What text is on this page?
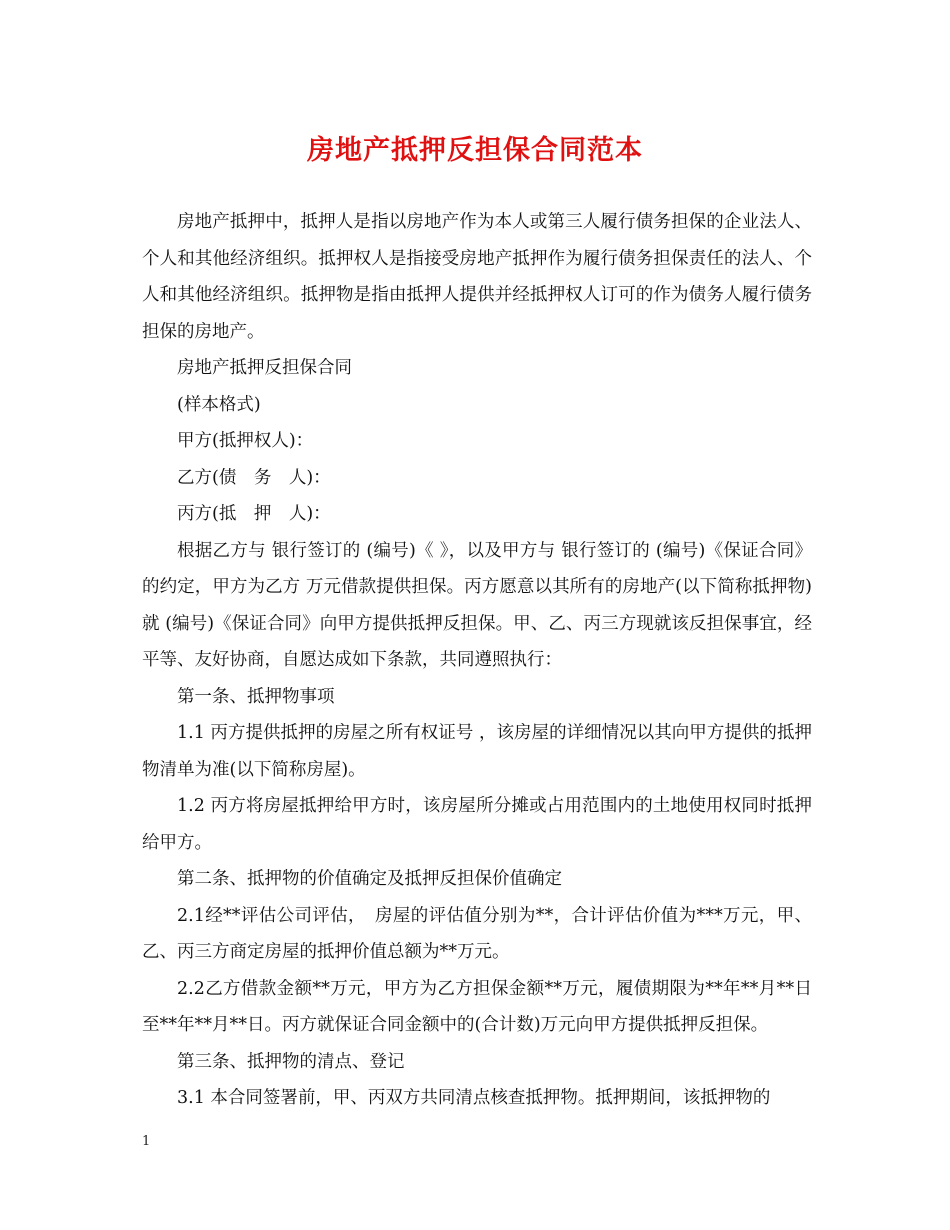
房地产抵押反担保合同范本

房地产抵押中，抵押人是指以房地产作为本人或第三人履行债务担保的企业法人、个人和其他经济组织。抵押权人是指接受房地产抵押作为履行债务担保责任的法人、个人和其他经济组织。抵押物是指由抵押人提供并经抵押权人订可的作为债务人履行债务担保的房地产。

房地产抵押反担保合同

(样本格式)

甲方(抵押权人)：

乙方(债　务　人)：

丙方(抵　押　人)：

根据乙方与 银行签订的 (编号)《 》，以及甲方与 银行签订的 (编号)《保证合同》的约定，甲方为乙方 万元借款提供担保。丙方愿意以其所有的房地产(以下简称抵押物)就 (编号)《保证合同》向甲方提供抵押反担保。甲、乙、丙三方现就该反担保事宜，经平等、友好协商，自愿达成如下条款，共同遵照执行：

第一条、抵押物事项

1.1 丙方提供抵押的房屋之所有权证号 ，该房屋的详细情况以其向甲方提供的抵押物清单为准(以下简称房屋)。

1.2 丙方将房屋抵押给甲方时，该房屋所分摊或占用范围内的土地使用权同时抵押给甲方。

第二条、抵押物的价值确定及抵押反担保价值确定

2.1经**评估公司评估，　房屋的评估值分别为**，合计评估价值为***万元，甲、乙、丙三方商定房屋的抵押价值总额为**万元。

2.2乙方借款金额**万元，甲方为乙方担保金额**万元，履债期限为**年**月**日至**年**月**日。丙方就保证合同金额中的(合计数)万元向甲方提供抵押反担保。

第三条、抵押物的清点、登记

3.1 本合同签署前，甲、丙双方共同清点核查抵押物。抵押期间，该抵押物的

1
